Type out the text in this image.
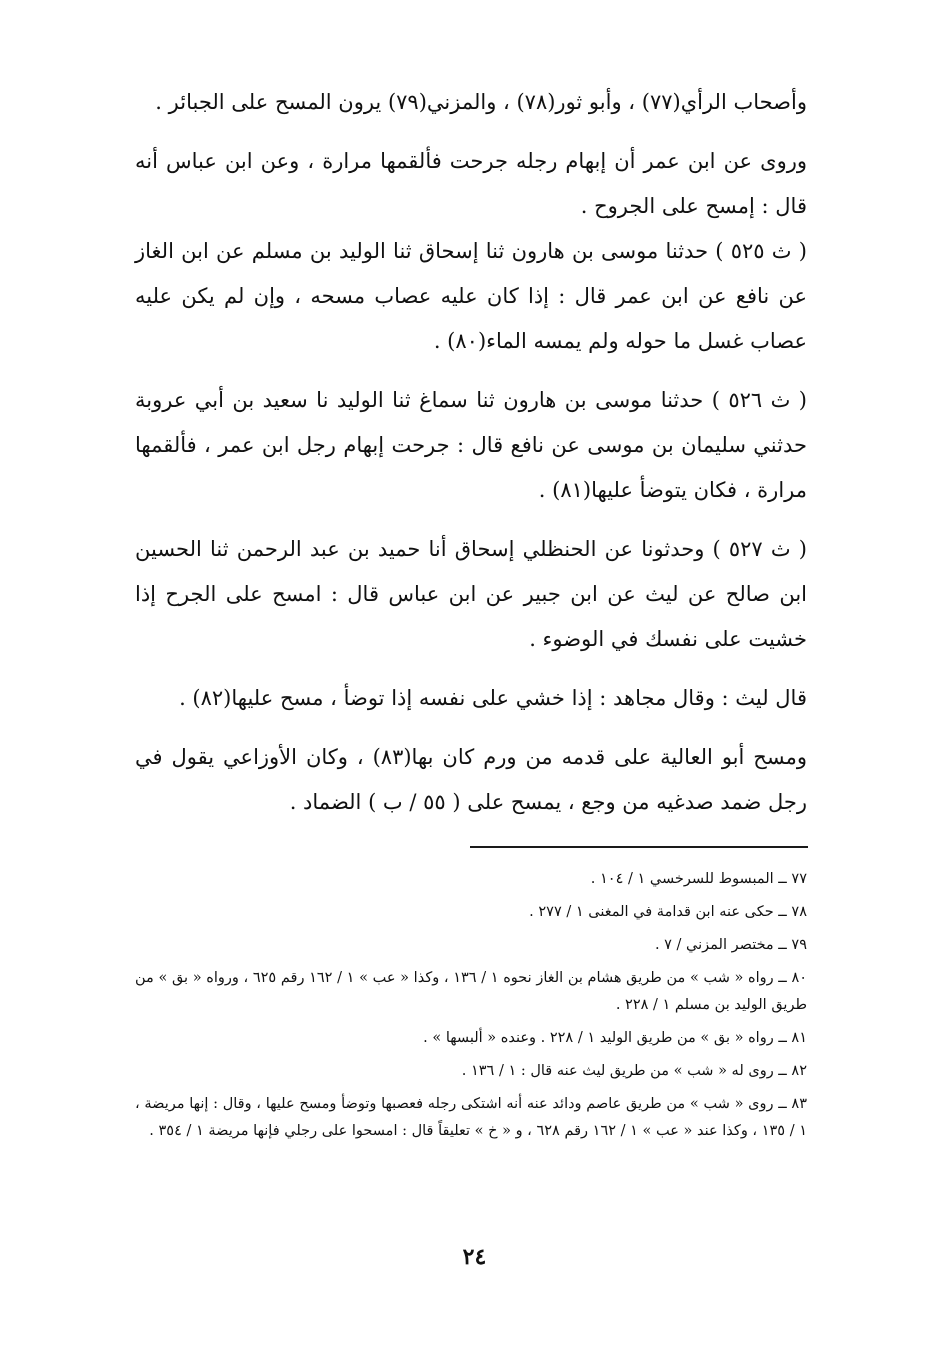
وأصحاب الرأي(٧٧) ، وأبو ثور(٧٨) ، والمزني(٧٩) يرون المسح على الجبائر .

وروى عن ابن عمر أن إبهام رجله جرحت فألقمها مرارة ، وعن ابن عباس أنه قال : إمسح على الجروح .
( ث ٥٢٥ ) حدثنا موسى بن هارون ثنا إسحاق ثنا الوليد بن مسلم عن ابن الغاز عن نافع عن ابن عمر قال : إذا كان عليه عصاب مسحه ، وإن لم يكن عليه عصاب غسل ما حوله ولم يمسه الماء(٨٠) .

( ث ٥٢٦ ) حدثنا موسى بن هارون ثنا سماغ ثنا الوليد نا سعيد بن أبي عروبة حدثني سليمان بن موسى عن نافع قال : جرحت إبهام رجل ابن عمر ، فألقمها مرارة ، فكان يتوضأ عليها(٨١) .

( ث ٥٢٧ ) وحدثونا عن الحنظلي إسحاق أنا حميد بن عبد الرحمن ثنا الحسين ابن صالح عن ليث عن ابن جبير عن ابن عباس قال : امسح على الجرح إذا خشيت على نفسك في الوضوء .

قال ليث : وقال مجاهد : إذا خشي على نفسه إذا توضأ ، مسح عليها(٨٢) .

ومسح أبو العالية على قدمه من ورم كان بها(٨٣) ، وكان الأوزاعي يقول في رجل ضمد صدغيه من وجع ، يمسح على ( ٥٥ / ب ) الضماد .

٧٧ ــ المبسوط للسرخسي ١ / ١٠٤ .

٧٨ ــ حكى عنه ابن قدامة في المغنى ١ / ٢٧٧ .

٧٩ ــ مختصر المزني / ٧ .

٨٠ ــ رواه « شب » من طريق هشام بن الغاز نحوه ١ / ١٣٦ ، وكذا « عب » ١ / ١٦٢ رقم ٦٢٥ ، ورواه « بق » من طريق الوليد بن مسلم ١ / ٢٢٨ .

٨١ ــ رواه « بق » من طريق الوليد ١ / ٢٢٨ . وعنده « ألبسها » .

٨٢ ــ روى له « شب » من طريق ليث عنه قال : ١ / ١٣٦ .

٨٣ ــ روى « شب » من طريق عاصم ودائد عنه أنه اشتكى رجله فعصبها وتوضأ ومسح عليها ، وقال : إنها مريضة ، ١ / ١٣٥ ، وكذا عند « عب » ١ / ١٦٢ رقم ٦٢٨ ، و « خ » تعليقاً قال : امسحوا على رجلي فإنها مريضة ١ / ٣٥٤ .

٢٤
